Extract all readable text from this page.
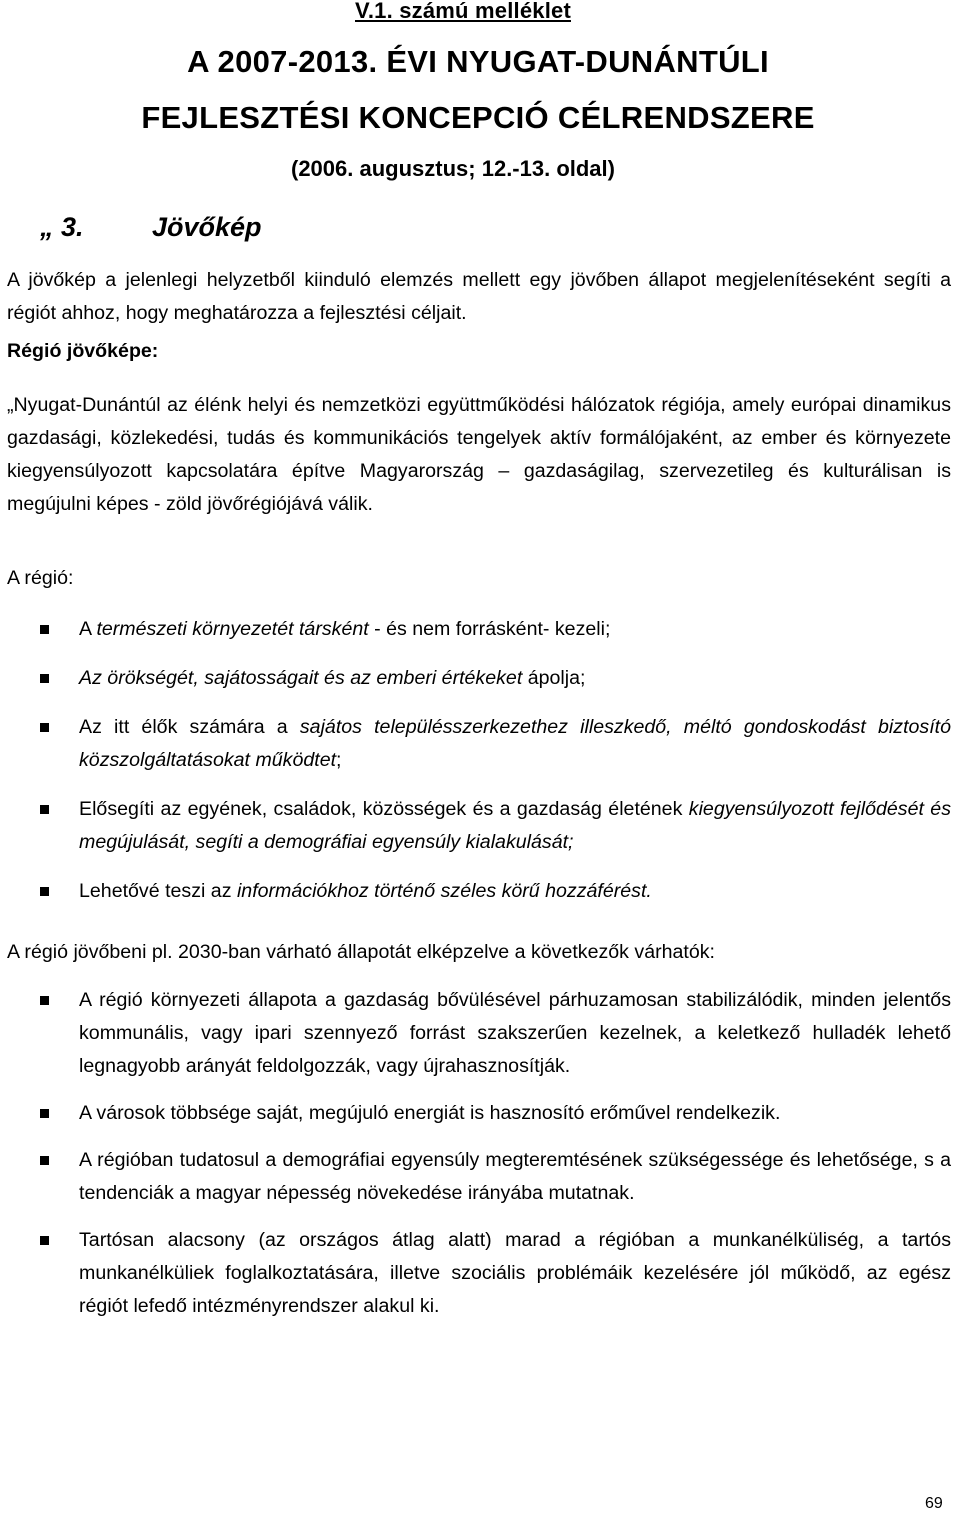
V.1. számú melléklet

A 2007-2013. ÉVI NYUGAT-DUNÁNTÚLI

FEJLESZTÉSI KONCEPCIÓ CÉLRENDSZERE

(2006. augusztus; 12.-13. oldal)

„ 3.	Jövőkép

A jövőkép a jelenlegi helyzetből kiinduló elemzés mellett egy jövőben állapot megjelenítéseként segíti a régiót ahhoz, hogy meghatározza a fejlesztési céljait.

Régió jövőképe:

„Nyugat-Dunántúl az élénk helyi és nemzetközi együttműködési hálózatok régiója, amely európai dinamikus gazdasági, közlekedési, tudás és kommunikációs tengelyek aktív formálójaként, az ember és környezete kiegyensúlyozott kapcsolatára építve Magyarország – gazdaságilag, szervezetileg és kulturálisan is megújulni képes - zöld jövőrégiójává válik.

A régió:

A természeti környezetét társként - és nem forrásként- kezeli;
Az örökségét, sajátosságait és az emberi értékeket ápolja;
Az itt élők számára a sajátos településszerkezethez illeszkedő, méltó gondoskodást biztosító közszolgáltatásokat működtet;
Elősegíti az egyének, családok, közösségek és a gazdaság életének kiegyensúlyozott fejlődését és megújulását, segíti a demográfiai egyensúly kialakulását;
Lehetővé teszi az információkhoz történő széles körű hozzáférést.

A régió jövőbeni pl. 2030-ban várható állapotát elképzelve a következők várhatók:

A régió környezeti állapota a gazdaság bővülésével párhuzamosan stabilizálódik, minden jelentős kommunális, vagy ipari szennyező forrást szakszerűen kezelnek, a keletkező hulladék lehető legnagyobb arányát feldolgozzák, vagy újrahasznosítják.
A városok többsége saját, megújuló energiát is hasznosító erőművel rendelkezik.
A régióban tudatosul a demográfiai egyensúly megteremtésének szükségessége és lehetősége, s a tendenciák a magyar népesség növekedése irányába mutatnak.
Tartósan alacsony (az országos átlag alatt) marad a régióban a munkanélküliség, a tartós munkanélküliek foglalkoztatására, illetve szociális problémáik kezelésére jól működő, az egész régiót lefedő intézményrendszer alakul ki.

69
